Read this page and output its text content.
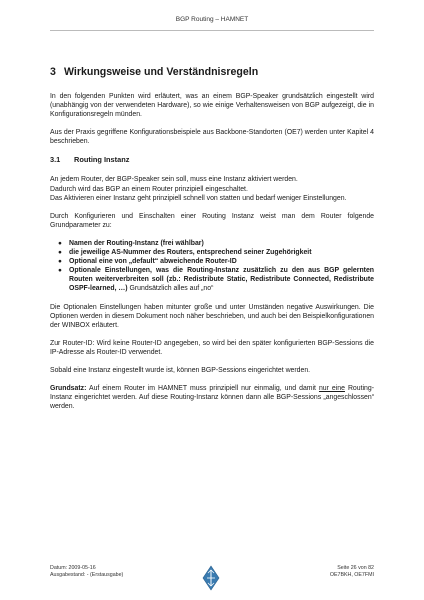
BGP Routing – HAMNET
3 Wirkungsweise und Verständnisregeln

In den folgenden Punkten wird erläutert, was an einem BGP-Speaker grundsätzlich eingestellt wird (unabhängig von der verwendeten Hardware), so wie einige Verhaltensweisen von BGP aufgezeigt, die in Konfigurationsregeln münden.

Aus der Praxis gegriffene Konfigurationsbeispiele aus Backbone-Standorten (OE7) werden unter Kapitel 4 beschrieben.

3.1 Routing Instanz

An jedem Router, der BGP-Speaker sein soll, muss eine Instanz aktiviert werden.
Dadurch wird das BGP an einem Router prinzipiell eingeschaltet.
Das Aktivieren einer Instanz geht prinzipiell schnell von statten und bedarf weniger Einstellungen.

Durch Konfigurieren und Einschalten einer Routing Instanz weist man dem Router folgende Grundparameter zu:

● Namen der Routing-Instanz (frei wählbar)
● die jeweilige AS-Nummer des Routers, entsprechend seiner Zugehörigkeit
● Optional eine von „default“ abweichende Router-ID
● Optionale Einstellungen, was die Routing-Instanz zusätzlich zu den aus BGP gelernten Routen weiterverbreiten soll (zb.: Redistribute Static, Redistribute Connected, Redistribute OSPF-learned, …) Grundsätzlich alles auf „no“

Die Optionalen Einstellungen haben mitunter große und unter Umständen negative Auswirkungen. Die Optionen werden in diesem Dokument noch näher beschrieben, und auch bei den Beispielkonfigurationen der WINBOX erläutert.

Zur Router-ID: Wird keine Router-ID angegeben, so wird bei den später konfigurierten BGP-Sessions die IP-Adresse als Router-ID verwendet.

Sobald eine Instanz eingestellt wurde ist, können BGP-Sessions eingerichtet werden.

Grundsatz: Auf einem Router im HAMNET muss prinzipiell nur einmalig, und damit nur eine Routing-Instanz eingerichtet werden. Auf diese Routing-Instanz können dann alle BGP-Sessions „angeschlossen“ werden.

Datum: 2009-05-16
Ausgabestand: - (Erstausgabe)
Seite 26 von 82
OE7BKH, OE7FMI
